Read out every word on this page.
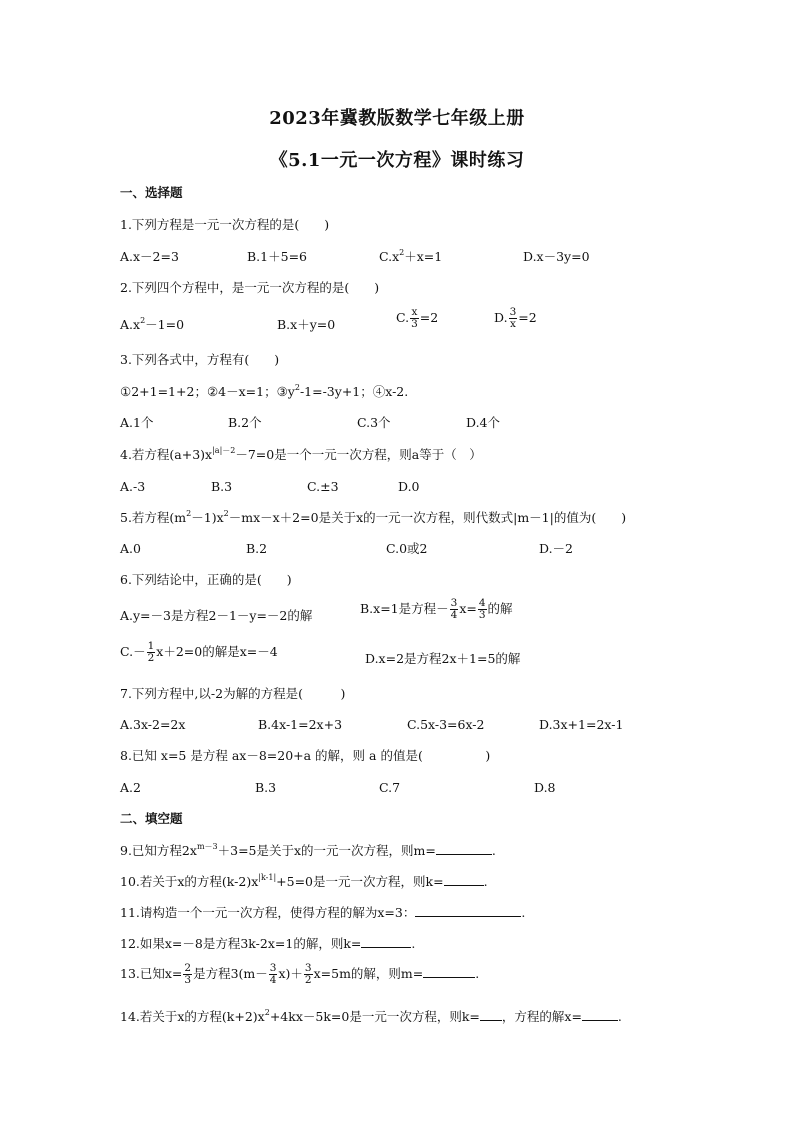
2023年冀教版数学七年级上册
《5.1一元一次方程》课时练习
一、选择题
1.下列方程是一元一次方程的是(　　)
A.x－2=3	B.1＋5=6	$C.x^2+x=1$	D.x－3y=0
2.下列四个方程中，是一元一次方程的是(　　)
$A.x^2-1=0$	B.x＋y=0	C. $\frac{x}{3} =2$	D. $\frac{3}{x} =2$
3.下列各式中，方程有(　　)
①2+1=1+2；②4－x=1；$③y^2-1=-3y+1$；④x-2.
A.1个	B.2个	C.3个	D.4个
4.若方程$(a+3)x^{|a|-2}-7=0$是一个一元一次方程，则a等于（　）
A.-3	B.3	C.±3	D.0
5.若方程$(m^2-1)x^2-mx-x+2=0$是关于x的一元一次方程，则代数式|m－1|的值为(　　)
A.0	B.2	C.0或2	D.－2
6.下列结论中，正确的是(　　)
A.y=－3是方程2－1－y=－2的解	B.x=1是方程－ $\frac{3}{4} x= \frac{4}{3}$ 的解
$C.- \frac{1}{2} x+2=0$的解是x=－4	D.x=2是方程2x＋1=5的解
7.下列方程中,以-2为解的方程是(　　　)
A.3x-2=2x	B.4x-1=2x+3	C.5x-3=6x-2	D.3x+1=2x-1
8.已知 x=5 是方程 ax－8=20+a 的解，则 a 的值是(　　　　　)
A.2	B.3	C.7	D.8
二、填空题
9.已知方程$2x^{m-3}+3=5$是关于x的一元一次方程，则m=	.
10.若关于x的方程$(k-2)x^{|k-1|}+5=0$是一元一次方程，则k=	.
11.请构造一个一元一次方程，使得方程的解为x=3：	.
12.如果x=－8是方程3k-2x=1的解，则k=	.
13.已知$x= \frac{2}{3}$ 是方程$3(m- \frac{3}{4} x)+ \frac{3}{2} x=5m$的解，则m=	.
14.若关于x的方程$(k+2)x^2+4kx-5k=0$是一元一次方程，则k= ，方程的解x=	.
